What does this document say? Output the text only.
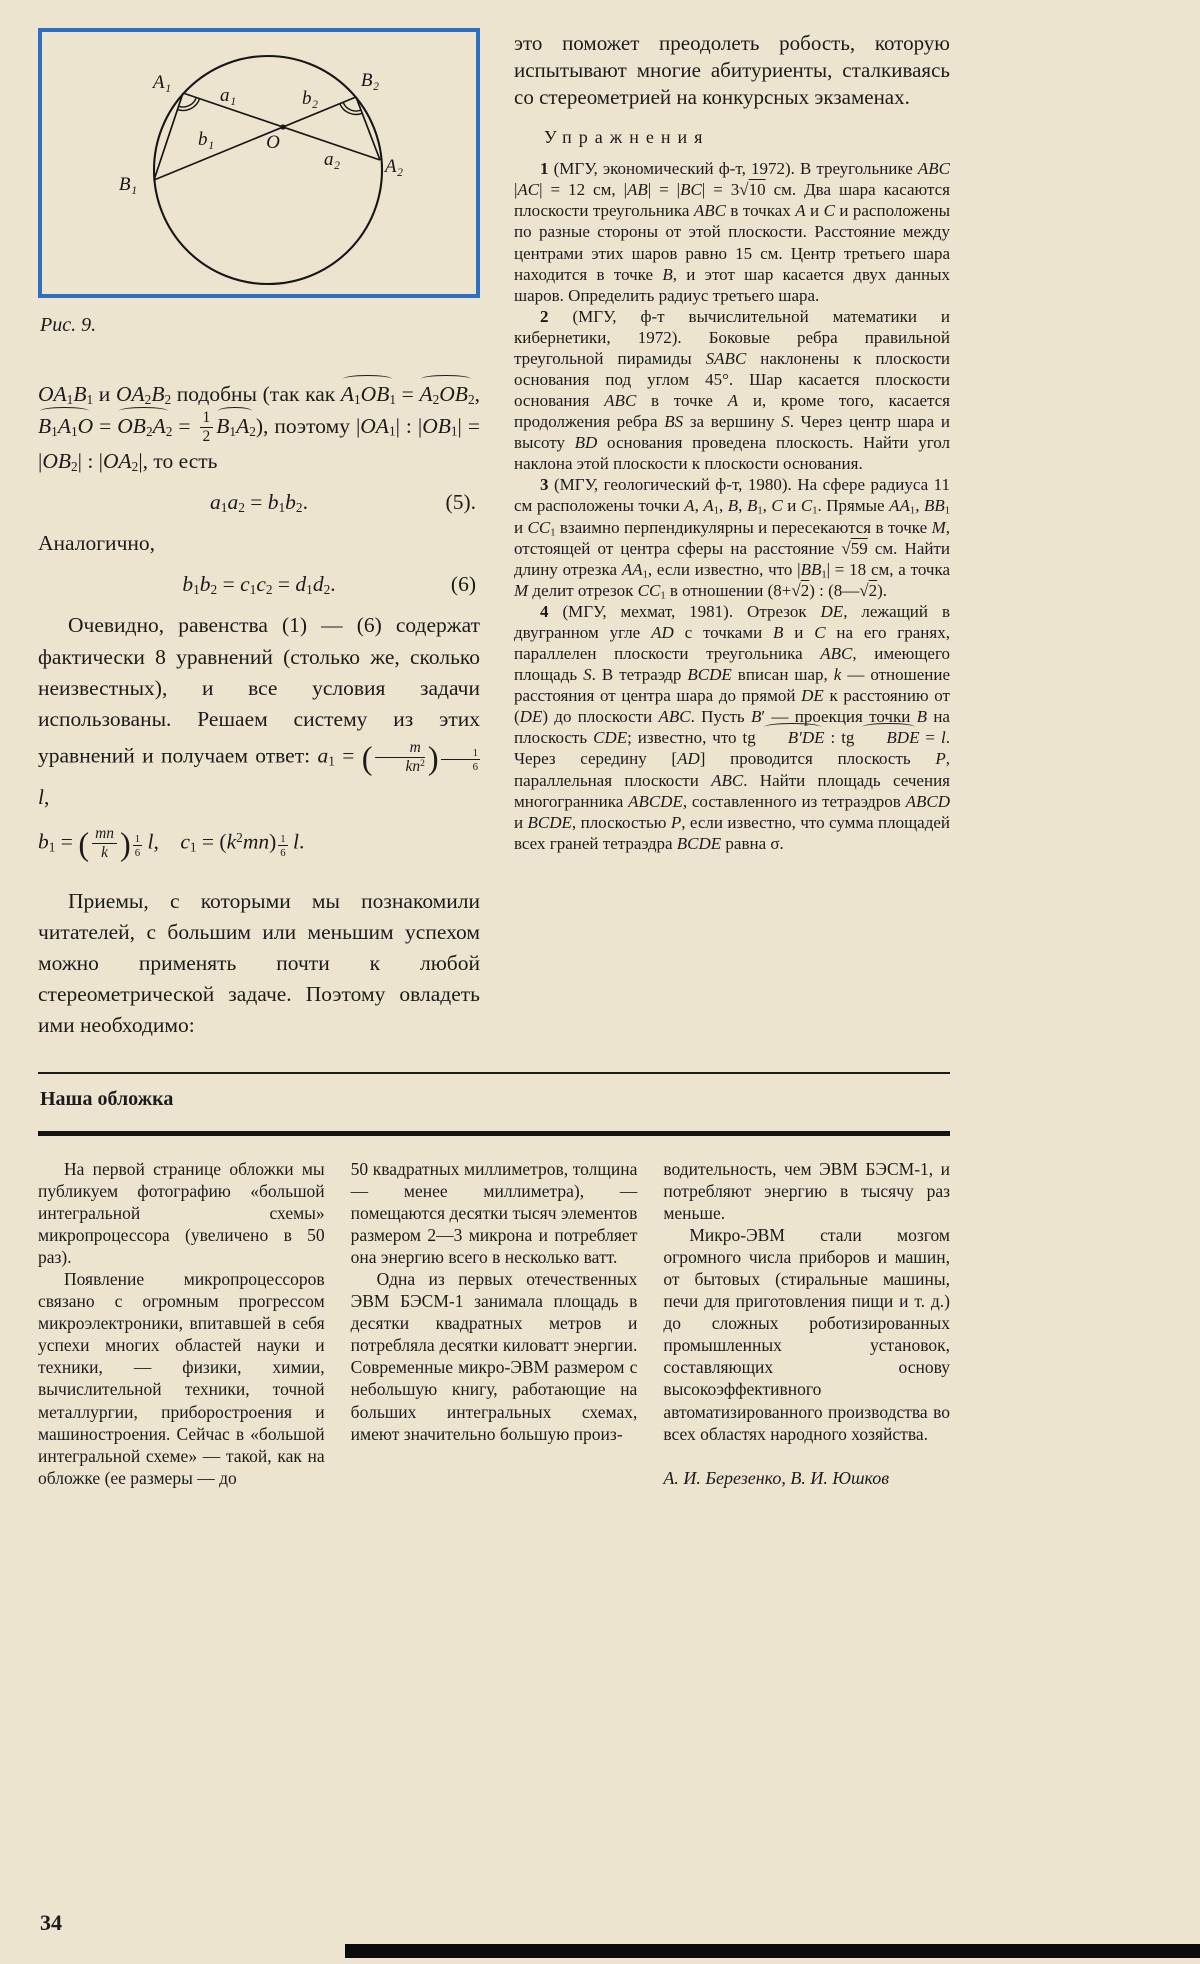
A₁	B₂
B₁
A₂
O
a₁	b₂
b₁
a₂
Рис. 9.

$OA_1B_1$ и $OA_2B_2$ подобны (так как $A_1OB_1 = A_2OB_2$, $B_1A_1O = OB_2A_2 = \frac{1}{2} B_1A_2$), поэтому $|OA_1|$ : $|OB_1| = |OB_2|$ : $|OA_2|$, то есть

$a_1a_2 = b_1b_2$.	(5).

Аналогично,

$b_1b_2 = c_1c_2 = d_1d_2$.	(6)

Очевидно, равенства (1) — (6) содержат фактически 8 уравнений (столько же, сколько неизвестных), и все условия задачи использованы. Решаем систему из этих уравнений и получаем ответ: $a_1$ = ( $\frac{m}{kn^2}$ ) $^{\frac{1}{6}}$
l,

$b_1$ = ( $\frac{mn}{k}$ ) $^{\frac{1}{6}}$ l,    $c_1 = (k^2mn)$ $^{\frac{1}{6}}$ l.

Приемы, с которыми мы познакомили читателей, с большим или меньшим успехом можно применять почти к любой стереометрической задаче. Поэтому овладеть ими необходимо:

это поможет преодолеть робость, которую испытывают многие абитуриенты, сталкиваясь со стереометрией на конкурсных экзаменах.

Упражнения

1 (МГУ, экономический ф-т, 1972). В треугольнике ABC |AC| = 12 см, |AB| = |BC| = 3√10 см. Два шара касаются плоскости треугольника ABC в точках A и C и расположены по разные стороны от этой плоскости. Расстояние между центрами этих шаров равно 15 см. Центр третьего шара находится в точке B, и этот шар касается двух данных шаров. Определить радиус третьего шара.

2 (МГУ, ф-т вычислительной математики и кибернетики, 1972). Боковые ребра правильной треугольной пирамиды SABC наклонены к плоскости основания под углом 45°. Шар касается плоскости основания ABC в точке A и, кроме того, касается продолжения ребра BS за вершину S. Через центр шара и высоту BD основания проведена плоскость. Найти угол наклона этой плоскости к плоскости основания.

3 (МГУ, геологический ф-т, 1980). На сфере радиуса 11 см расположены точки A, $A_1$, B, $B_1$, C и $C_1$. Прямые $AA_1$, $BB_1$ и $CC_1$ взаимно перпендикулярны и пересекаются в точке M, отстоящей от центра сферы на расстояние √59 см. Найти длину отрезка $AA_1$, если известно, что $|BB_1| = 18$ см, а точка M делит отрезок $CC_1$ в отношении (8+√2) : (8—√2).

4 (МГУ, мехмат, 1981). Отрезок DE, лежащий в двугранном угле AD с точками B и C на его гранях, параллелен плоскости треугольника ABC, имеющего площадь S. В тетраэдр BCDE вписан шар, k — отношение расстояния от центра шара до прямой DE к расстоянию от (DE) до плоскости ABC. Пусть B′ — проекция точки B на плоскость CDE; известно, что tg B′DE : tg BDE = l. Через середину [AD] проводится плоскость P, параллельная плоскости ABC. Найти площадь сечения многогранника ABCDE, составленного из тетраэдров ABCD и BCDE, плоскостью P, если известно, что сумма площадей всех граней тетраэдра BCDE равна σ.

Наша обложка

На первой странице обложки мы публикуем фотографию «большой интегральной схемы» микропроцессора (увеличено в 50 раз).

Появление микропроцессоров связано с огромным прогрессом микроэлектроники, впитавшей в себя успехи многих областей науки и техники, — физики, химии, вычислительной техники, точной металлургии, приборостроения и машиностроения. Сейчас в «большой интегральной схеме» — такой, как на обложке (ее размеры — до

50 квадратных миллиметров, толщина — менее миллиметра), — помещаются десятки тысяч элементов размером 2—3 микрона и потребляет она энергию всего в несколько ватт.

Одна из первых отечественных ЭВМ БЭСМ-1 занимала площадь в десятки квадратных метров и потребляла десятки киловатт энергии. Современные микро-ЭВМ размером с небольшую книгу, работающие на больших интегральных схемах, имеют значительно большую произ-

водительность, чем ЭВМ БЭСМ-1, и потребляют энергию в тысячу раз меньше.

Микро-ЭВМ стали мозгом огромного числа приборов и машин, от бытовых (стиральные машины, печи для приготовления пищи и т. д.) до сложных роботизированных промышленных установок, составляющих основу высокоэффективного автоматизированного производства во всех областях народного хозяйства.

А. И. Березенко, В. И. Юшков

34
